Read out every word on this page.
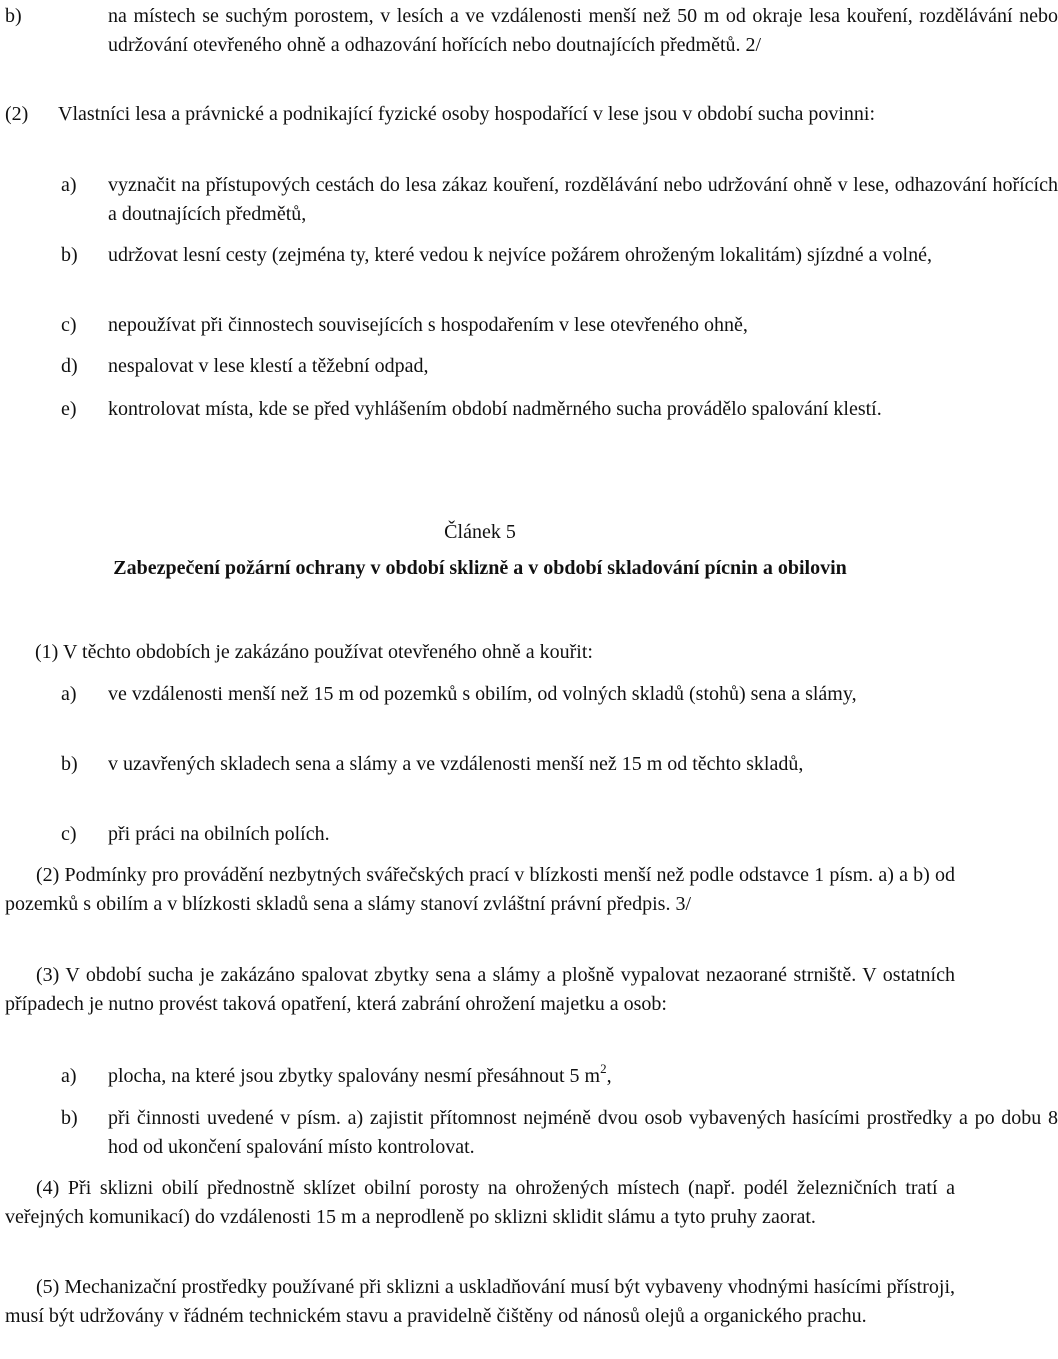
b)	na místech se suchým porostem, v lesích a ve vzdálenosti menší než 50 m od okraje lesa kouření, rozdělávání nebo udržování otevřeného ohně a odhazování hořících nebo doutnajících předmětů. 2/
(2) Vlastníci lesa a právnické a podnikající fyzické osoby hospodařící v lese jsou v období sucha povinni:
a) vyznačit na přístupových cestách do lesa zákaz kouření, rozdělávání nebo udržování ohně v lese, odhazování hořících a doutnajících předmětů,
b) udržovat lesní cesty (zejména ty, které vedou k nejvíce požárem ohroženým lokalitám) sjízdné a volné,
c) nepoužívat při činnostech souvisejících s hospodařením v lese otevřeného ohně,
d) nespalovat v lese klestí a těžební odpad,
e) kontrolovat místa, kde se před vyhlášením období nadměrného sucha provádělo spalování klestí.
Článek 5
Zabezpečení požární ochrany v období sklizně a v období skladování pícnin a obilovin
(1) V těchto obdobích je zakázáno používat otevřeného ohně a kouřit:
a) ve vzdálenosti menší než 15 m od pozemků s obilím, od volných skladů (stohů) sena a slámy,
b) v uzavřených skladech sena a slámy a ve vzdálenosti menší než 15 m od těchto skladů,
c) při práci na obilních polích.
(2) Podmínky pro provádění nezbytných svářečských prací v blízkosti menší než podle odstavce 1 písm. a) a b) od pozemků s obilím a v blízkosti skladů sena a slámy stanoví zvláštní právní předpis. 3/
(3) V období sucha je zakázáno spalovat zbytky sena a slámy a plošně vypalovat nezaorané strniště. V ostatních případech je nutno provést taková opatření, která zabrání ohrožení majetku a osob:
a) plocha, na které jsou zbytky spalovány nesmí přesáhnout 5 $m^2$,
b) při činnosti uvedené v písm. a) zajistit přítomnost nejméně dvou osob vybavených hasícími prostředky a po dobu 8 hod od ukončení spalování místo kontrolovat.
(4) Při sklizni obilí přednostně sklízet obilní porosty na ohrožených místech (např. podél železničních tratí a veřejných komunikací) do vzdálenosti 15 m a neprodleně po sklizni sklidit slámu a tyto pruhy zaorat.
(5) Mechanizační prostředky používané při sklizni a uskladňování musí být vybaveny vhodnými hasícími přístroji, musí být udržovány v řádném technickém stavu a pravidelně čištěny od nánosů olejů a organického prachu.
